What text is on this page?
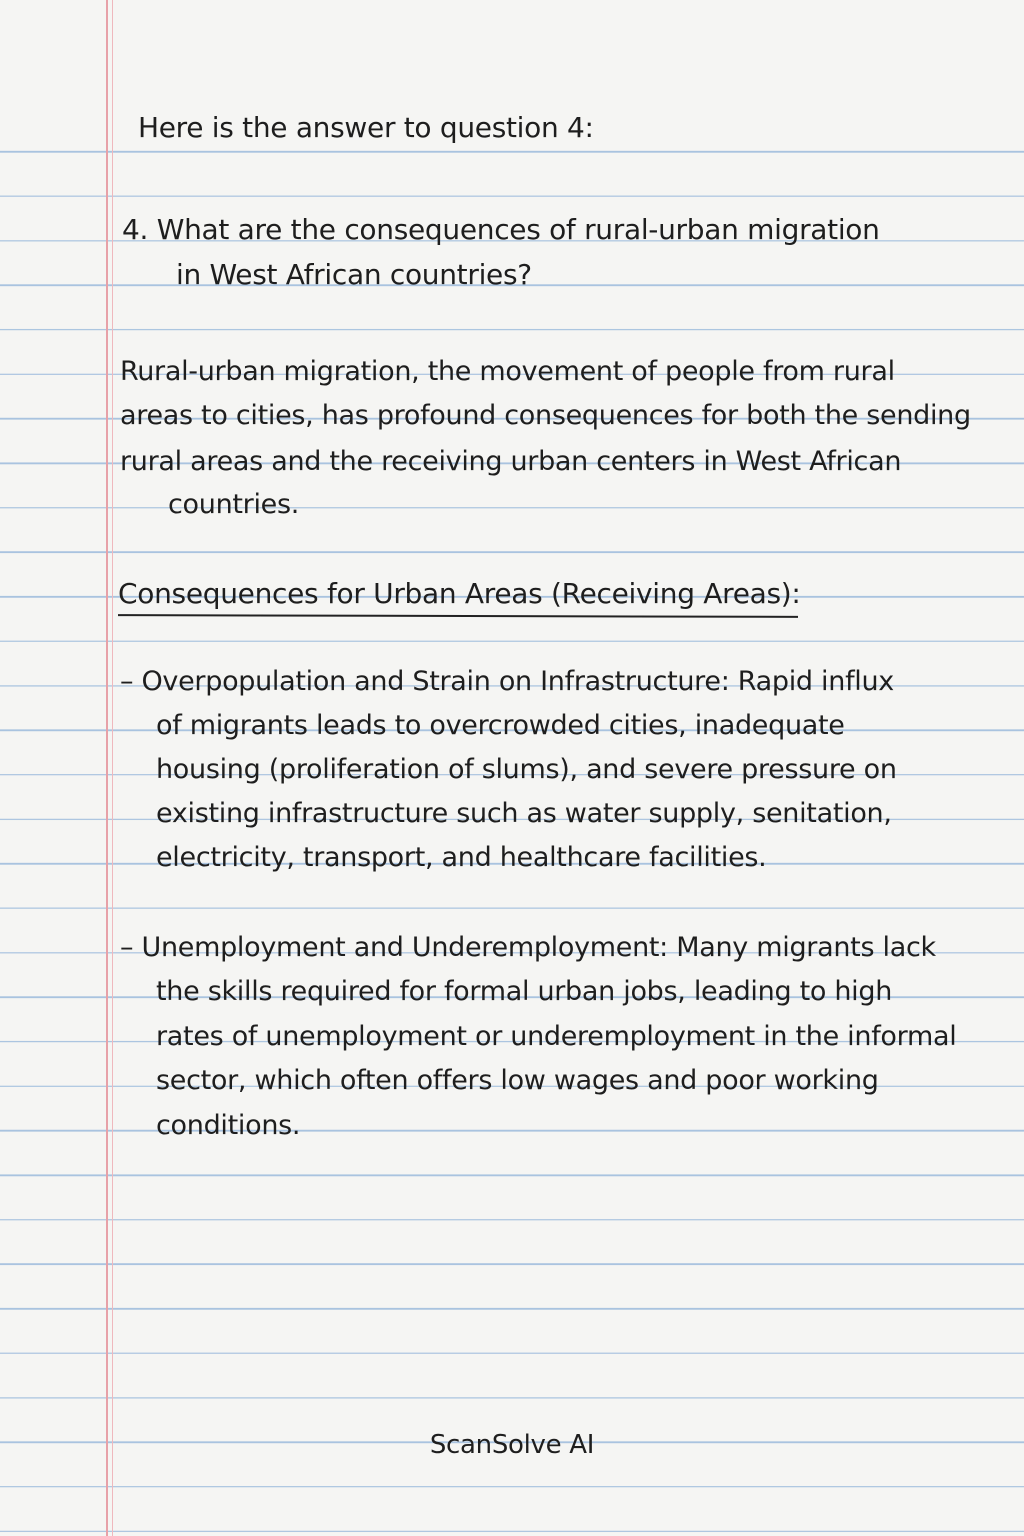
Here is the answer to question 4:
4. What are the consequences of rural-urban migration
in West African countries?
Rural-urban migration, the movement of people from rural
areas to cities, has profound consequences for both the sending
rural areas and the receiving urban centers in West African
countries.
Consequences for Urban Areas (Receiving Areas):
– Overpopulation and Strain on Infrastructure: Rapid influx
of migrants leads to overcrowded cities, inadequate
housing (proliferation of slums), and severe pressure on
existing infrastructure such as water supply, senitation,
electricity, transport, and healthcare facilities.
– Unemployment and Underemployment: Many migrants lack
the skills required for formal urban jobs, leading to high
rates of unemployment or underemployment in the informal
sector, which often offers low wages and poor working
conditions.
ScanSolve AI
